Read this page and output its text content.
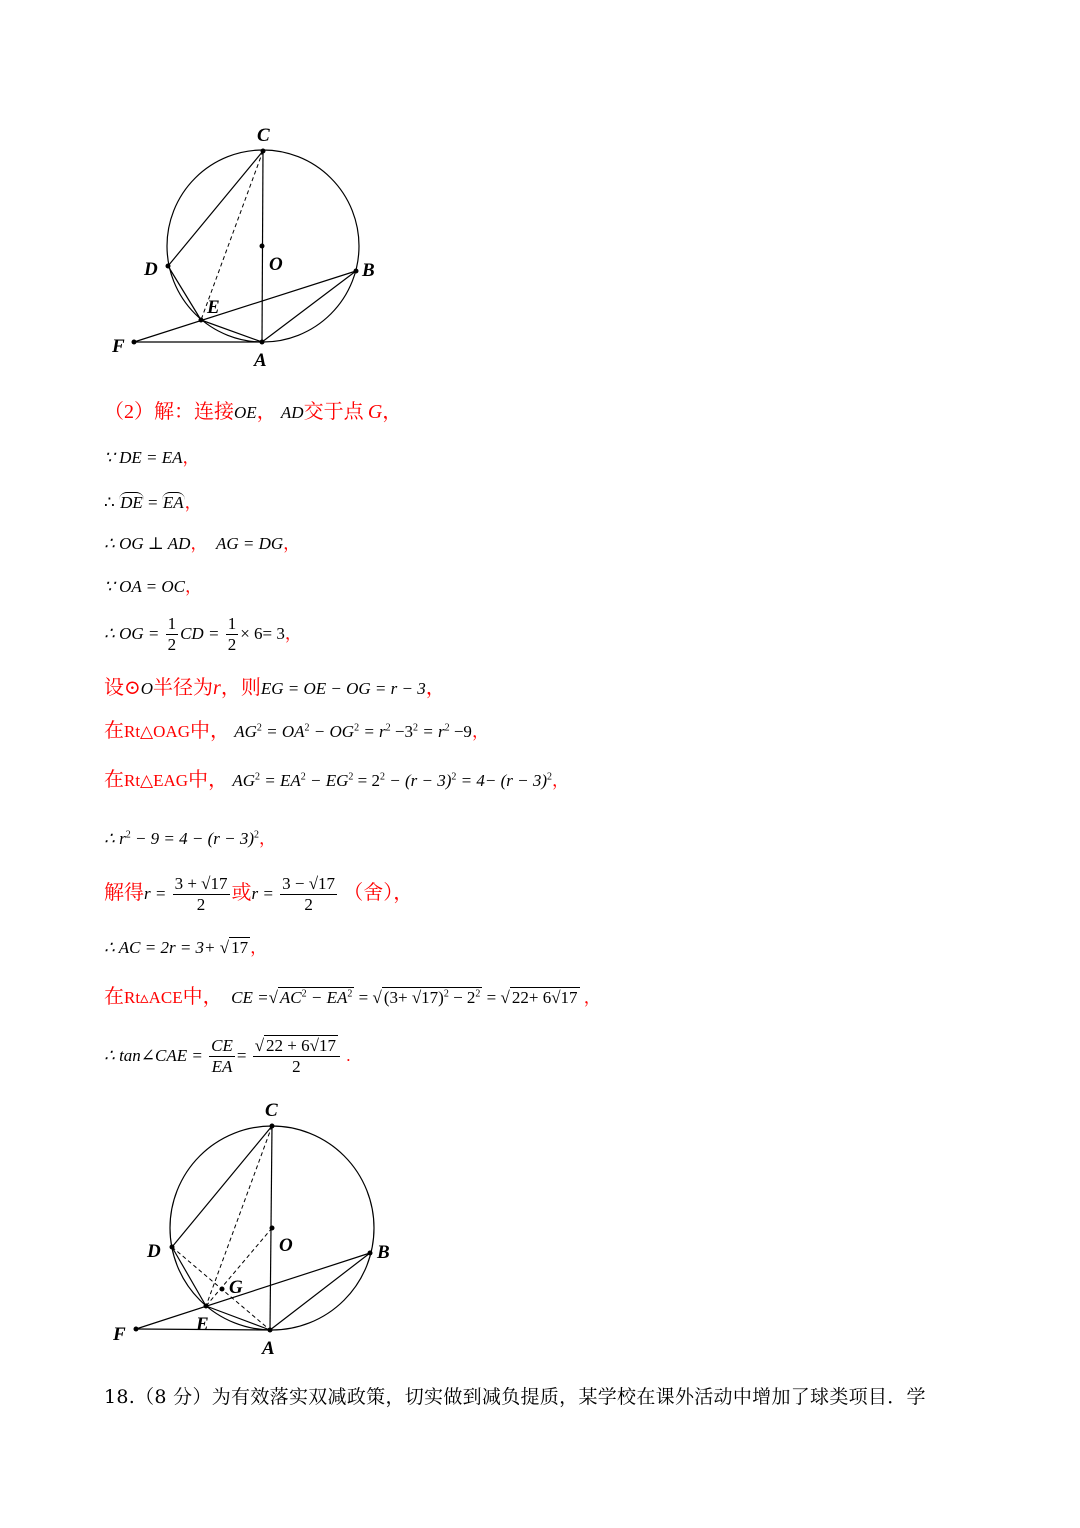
C
O
D	B
E
F
A
（2）解：连接OE， AD交于点 G，
∵ DE = EA，
∴ DE = EA，
∴ OG ⊥ AD， AG = DG，
∵ OA = OC，
∴ OG = $\frac{1}{2}$ CD = $\frac{1}{2} \times 6= 3$，
设⊙O半径为r，则EG = OE − OG = r − 3，
在Rt△OAG中， $AG^2 = OA^2 - OG^2 = r^2 -3^2 = r^2 -9$，
在Rt△EAG中， $AG^2 = EA^2 - EG^2 = 2^2 - (r - 3)^2 = 4- (r - 3)^2$，
∴ $r^2 - 9 = 4 - (r - 3)^2$，
解得$r = \frac{3 + √17}{2}$ 或$r = \frac{3 - √17}{2}$ （舍），
∴ AC = 2r = 3+ √ 17 ，
在Rt▵ACE中， CE =√ $AC^2 - EA^2$ = √ $(3+ √17)^2 - 2^2$ = √ 22+ 6√17 ，
∴ tan∠CAE = $\frac{CE}{EA} = \frac{√ 22 + 6√17}{2}$ .
C
O
D	B
G
E
F
A
18.（8 分）为有效落实双减政策，切实做到减负提质，某学校在课外活动中增加了球类项目．学
